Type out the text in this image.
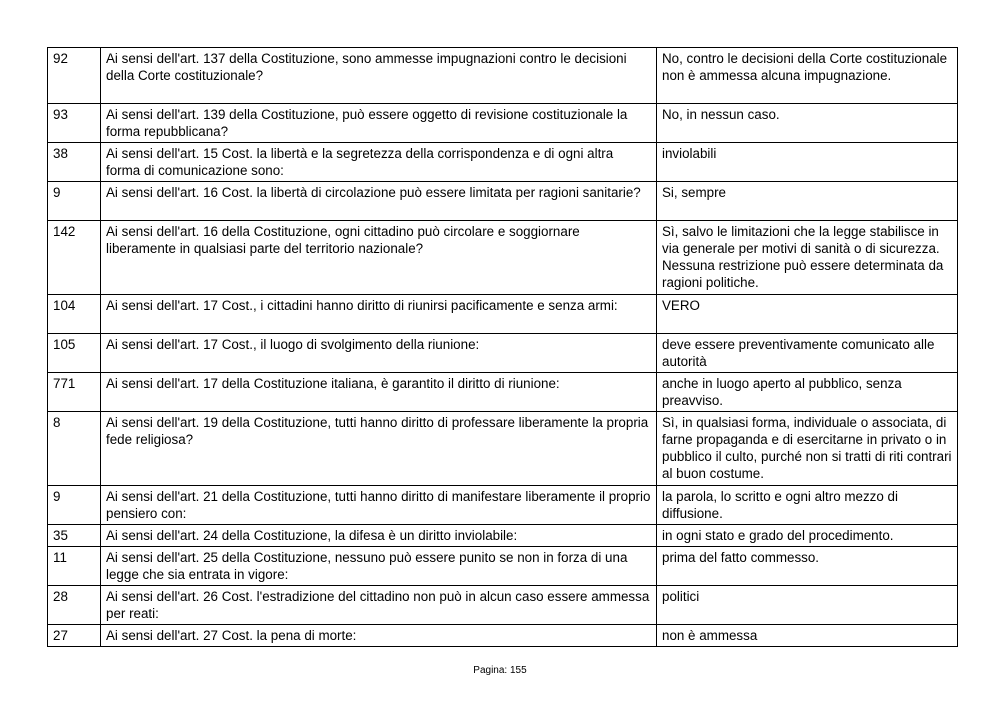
92	Ai sensi dell'art. 137 della Costituzione, sono ammesse impugnazioni contro le decisioni della Corte costituzionale?	No, contro le decisioni della Corte costituzionale non è ammessa alcuna impugnazione.
93	Ai sensi dell'art. 139 della Costituzione, può essere oggetto di revisione costituzionale la forma repubblicana?	No, in nessun caso.
38	Ai sensi dell'art. 15 Cost. la libertà e la segretezza della corrispondenza e di ogni altra forma di comunicazione sono:	inviolabili
9	Ai sensi dell'art. 16 Cost. la libertà di circolazione può essere limitata per ragioni sanitarie?	Si, sempre
142	Ai sensi dell'art. 16 della Costituzione, ogni cittadino può circolare e soggiornare liberamente in qualsiasi parte del territorio nazionale?	Sì, salvo le limitazioni che la legge stabilisce in via generale per motivi di sanità o di sicurezza. Nessuna restrizione può essere determinata da ragioni politiche.
104	Ai sensi dell'art. 17 Cost., i cittadini hanno diritto di riunirsi pacificamente e senza armi:	VERO
105	Ai sensi dell'art. 17 Cost., il luogo di svolgimento della riunione:	deve essere preventivamente comunicato alle autorità
771	Ai sensi dell'art. 17 della Costituzione italiana, è garantito il diritto di riunione:	anche in luogo aperto al pubblico, senza preavviso.
8	Ai sensi dell'art. 19 della Costituzione, tutti hanno diritto di professare liberamente la propria fede religiosa?	Sì, in qualsiasi forma, individuale o associata, di farne propaganda e di esercitarne in privato o in pubblico il culto, purché non si tratti di riti contrari al buon costume.
9	Ai sensi dell'art. 21 della Costituzione, tutti hanno diritto di manifestare liberamente il proprio pensiero con:	la parola, lo scritto e ogni altro mezzo di diffusione.
35	Ai sensi dell'art. 24 della Costituzione, la difesa è un diritto inviolabile:	in ogni stato e grado del procedimento.
11	Ai sensi dell'art. 25 della Costituzione, nessuno può essere punito se non in forza di una legge che sia entrata in vigore:	prima del fatto commesso.
28	Ai sensi dell'art. 26 Cost. l'estradizione del cittadino non può in alcun caso essere ammessa per reati:	politici
27	Ai sensi dell'art. 27 Cost. la pena di morte:	non è ammessa
Pagina: 155
